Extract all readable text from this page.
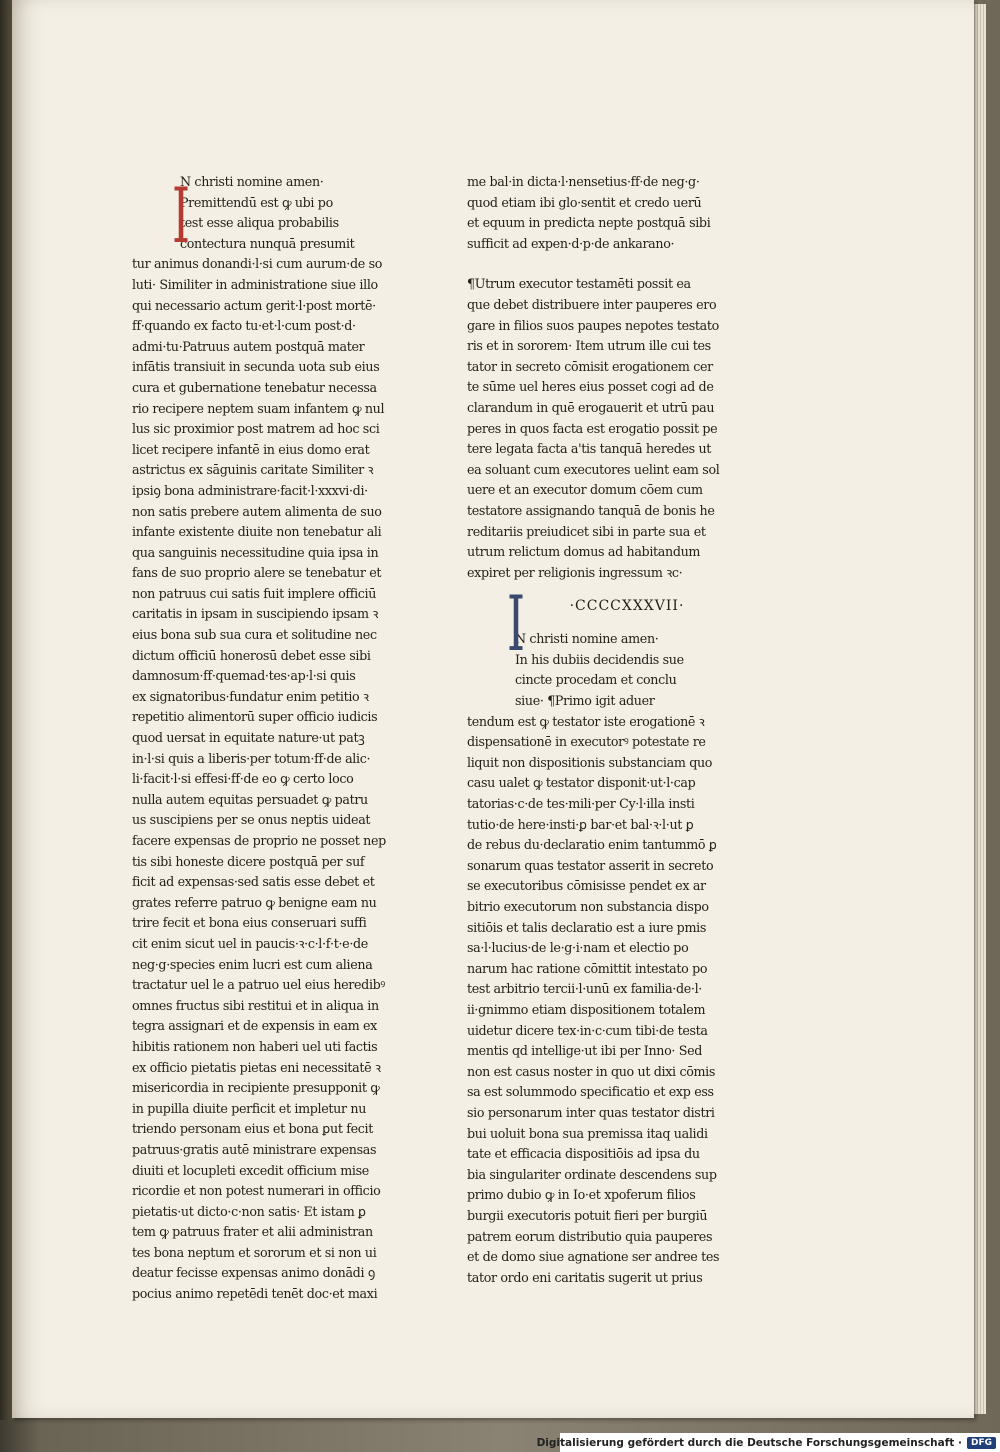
I
N christi nomine amen·
Premittendū est ꝙ ubi po
test esse aliqua probabilis
contectura nunquā presumit
tur animus donandi·l·si cum aurum·de so
luti· Similiter in administratione siue illo
qui necessario actum gerit·l·post mortē·
ff·quando ex facto tu·et·l·cum post·d·
admi·tu·Patruus autem postquā mater
infātis transiuit in secunda uota sub eius
cura et gubernatione tenebatur necessa
rio recipere neptem suam infantem ꝙ nul
lus sic proximior post matrem ad hoc sci
licet recipere infantē in eius domo erat
astrictus ex sāguinis caritate Similiter ꝛ
ipsiꝯ bona administrare·facit·l·xxxvi·di·
non satis prebere autem alimenta de suo
infante existente diuite non tenebatur ali
qua sanguinis necessitudine quia ipsa in
fans de suo proprio alere se tenebatur et
non patruus cui satis fuit implere officiū
caritatis in ipsam in suscipiendo ipsam ꝛ
eius bona sub sua cura et solitudine nec
dictum officiū honerosū debet esse sibi
damnosum·ff·quemad·tes·ap·l·si quis
ex signatoribus·fundatur enim petitio ꝛ
repetitio alimentorū super officio iudicis
quod uersat in equitate nature·ut patꝫ
in·l·si quis a liberis·per totum·ff·de alic·
li·facit·l·si effesi·ff·de eo ꝙ certo loco
nulla autem equitas persuadet ꝙ patru
us suscipiens per se onus neptis uideat
facere expensas de proprio ne posset nep
tis sibi honeste dicere postquā per suf
ficit ad expensas·sed satis esse debet et
grates referre patruo ꝙ benigne eam nu
trire fecit et bona eius conseruari suffi
cit enim sicut uel in paucis·ꝛ·c·l·f·t·e·de
neg·g·species enim lucri est cum aliena
tractatur uel le a patruo uel eius heredibꝰ
omnes fructus sibi restitui et in aliqua in
tegra assignari et de expensis in eam ex
hibitis rationem non haberi uel uti factis
ex officio pietatis pietas eni necessitatē ꝛ
misericordia in recipiente presupponit ꝙ
in pupilla diuite perficit et impletur nu
triendo personam eius et bona ꝑut fecit
patruus·gratis autē ministrare expensas
diuiti et locupleti excedit officium mise
ricordie et non potest numerari in officio
pietatis·ut dicto·c·non satis· Et istam ꝑ
tem ꝙ patruus frater et alii administran
tes bona neptum et sororum et si non ui
deatur fecisse expensas animo donādi ꝯ
pocius animo repetēdi tenēt doc·et maxi
me bal·in dicta·l·nensetius·ff·de neg·g·
quod etiam ibi glo·sentit et credo uerū
et equum in predicta nepte postquā sibi
sufficit ad expen·d·p·de ankarano·
¶Utrum executor testamēti possit ea
que debet distribuere inter pauperes ero
gare in filios suos paupes nepotes testato
ris et in sororem· Item utrum ille cui tes
tator in secreto cōmisit erogationem cer
te sūme uel heres eius posset cogi ad de
clarandum in quē erogauerit et utrū pau
peres in quos facta est erogatio possit pe
tere legata facta a'tis tanquā heredes ut
ea soluant cum executores uelint eam sol
uere et an executor domum cōem cum
testatore assignando tanquā de bonis he
reditariis preiudicet sibi in parte sua et
utrum relictum domus ad habitandum
expiret per religionis ingressum ꝛc·
·CCCCXXXVII·
I
N christi nomine amen·
In his dubiis decidendis sue
cincte procedam et conclu
siue· ¶Primo igit aduer
tendum est ꝙ testator iste erogationē ꝛ
dispensationē in executorꝰ potestate re
liquit non dispositionis substanciam quo
casu ualet ꝙ testator disponit·ut·l·cap
tatorias·c·de tes·mili·per Cy·l·illa insti
tutio·de here·insti·ꝑ bar·et bal·ꝛ·l·ut ꝑ
de rebus du·declaratio enim tantummō ꝑ
sonarum quas testator asserit in secreto
se executoribus cōmisisse pendet ex ar
bitrio executorum non substancia dispo
sitiōis et talis declaratio est a iure pmis
sa·l·lucius·de le·g·i·nam et electio po
narum hac ratione cōmittit intestato po
test arbitrio tercii·l·unū ex familia·de·l·
ii·gnimmo etiam dispositionem totalem
uidetur dicere tex·in·c·cum tibi·de testa
mentis qd intellige·ut ibi per Inno· Sed
non est casus noster in quo ut dixi cōmis
sa est solummodo specificatio et exp ess
sio personarum inter quas testator distri
bui uoluit bona sua premissa itaq ualidi
tate et efficacia dispositiōis ad ipsa du
bia singulariter ordinate descendens sup
primo dubio ꝙ in Io·et xpoferum filios
burgii executoris potuit fieri per burgiū
patrem eorum distributio quia pauperes
et de domo siue agnatione ser andree tes
tator ordo eni caritatis sugerit ut prius
Digitalisierung gefördert durch die Deutsche Forschungsgemeinschaft ·	DFG
